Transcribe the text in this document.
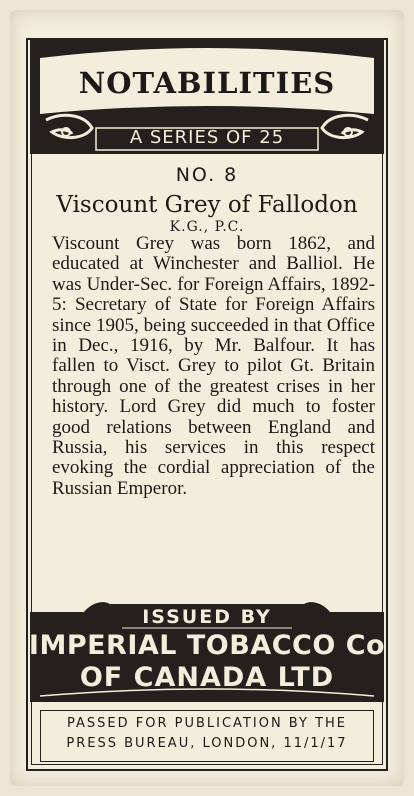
NOTABILITIES
A SERIES OF 25
NO. 8
Viscount Grey of Fallodon
K.G., P.C.
Viscount Grey was born 1862, and educated at Winchester and Balliol. He was Under-Sec. for Foreign Affairs, 1892-5: Secretary of State for Foreign Affairs since 1905, being succeeded in that Office in Dec., 1916, by Mr. Balfour. It has fallen to Visct. Grey to pilot Gt. Britain through one of the greatest crises in her history. Lord Grey did much to foster good relations between England and Russia, his services in this respect evoking the cordial appreciation of the Russian Emperor.
ISSUED BY
IMPERIAL TOBACCO Co
OF CANADA LTD
PASSED FOR PUBLICATION BY THE
PRESS BUREAU, LONDON, 11/1/17
